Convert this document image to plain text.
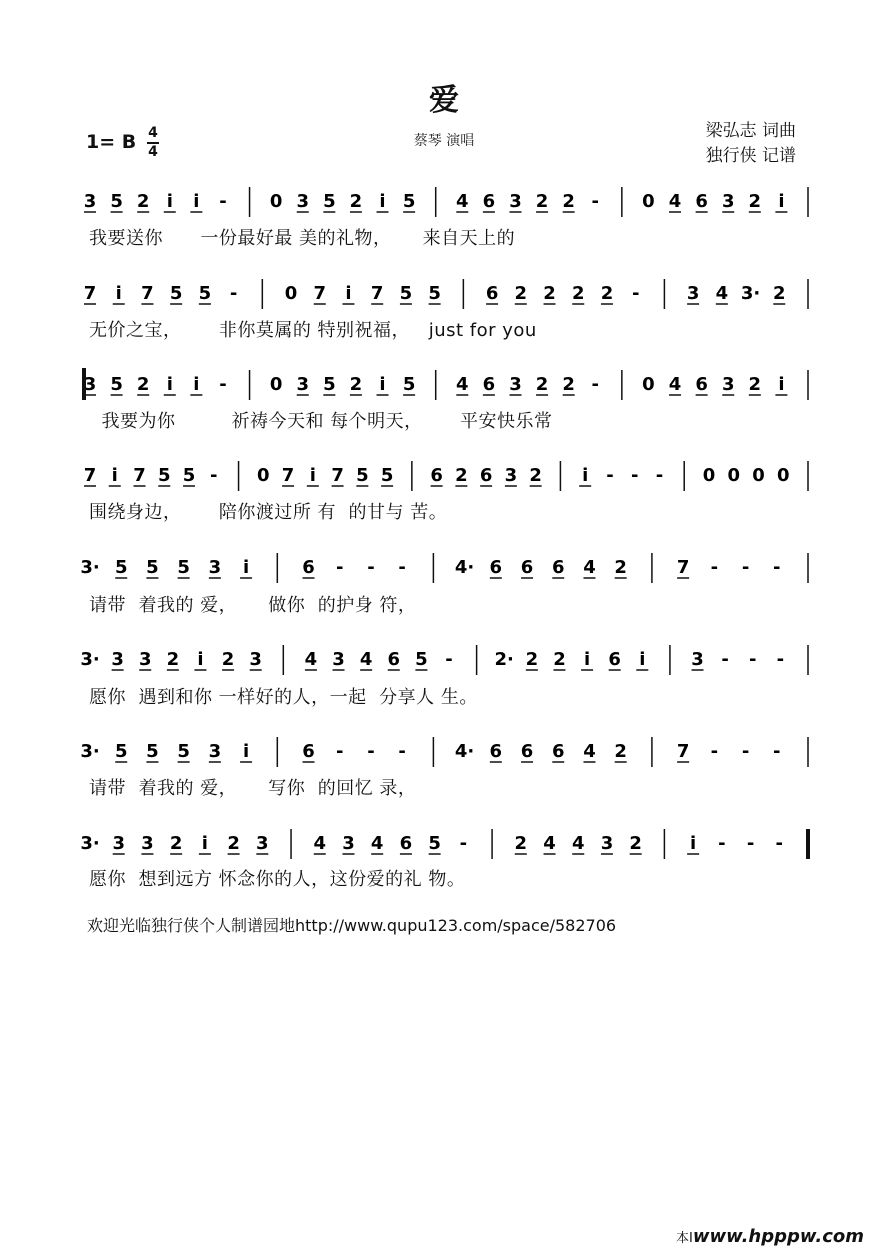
爱
蔡琴 演唱	梁弘志 词曲
独行侠 记谱
1= B 4
4
3 5 2 i i - 0 3 5 2 i 5 4 6 3 2 2 - 0 4 6 3 2 i
7 i 7 5 5 -	0 7 i 7 5 5 6 2 2 2 2 -	3 4 3· 2
3 5 2 i i - 0 3 5 2 i 5 4 6 3 2 2 - 0 4 6 3 2 i
7 i 7 5 5 - 0 7 i 7 5 5 6 2 6 3 2 i - - - 0 0 0 0
3· 5 5 5 3 i	6 - - -	4· 6 6 6 4 2	7 - - -
3· 3 3 2 i 2 3 4 3 4 6 5 - 2· 2 2 i 6 i	3 - - -
3· 5 5 5 3 i	6 - - -	4· 6 6 6 4 2	7 - - -
3· 3 3 2 i 2 3 4 3 4 6 5 -	2 4 4 3 2	i - - -
我要送你      一份最好最 美的礼物，     来自天上的
无价之宝，      非你莫属的 特别祝福，   just for you
我要为你         祈祷今天和 每个明天，      平安快乐常
围绕身边，      陪你渡过所 有  的甘与 苦。
请带  着我的 爱，     做你  的护身 符，
愿你  遇到和你 一样好的人，一起  分享人 生。
请带  着我的 爱，     写你  的回忆 录，
愿你  想到远方 怀念你的人，这份爱的礼 物。
欢迎光临独行侠个人制谱园地http://www.qupu123.com/space/582706
本Iwww.hpppw.com
